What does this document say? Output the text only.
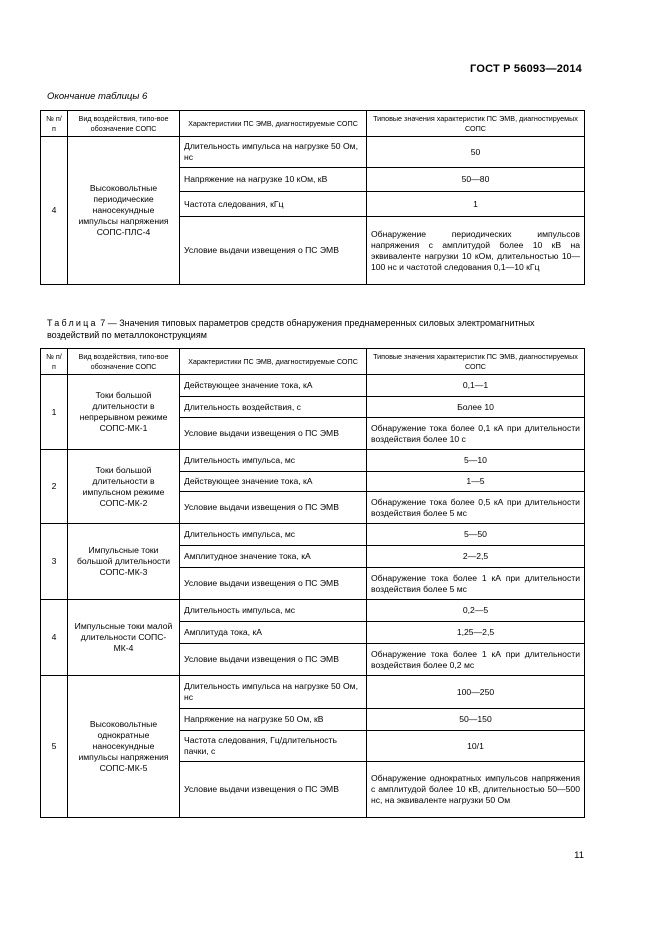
ГОСТ Р 56093—2014
Окончание таблицы 6
№ п/п	Вид воздействия, типо-вое обозначение СОПС	Характеристики ПС ЭМВ, диагностируемые СОПС	Типовые значения характеристик ПС ЭМВ, диагностируемых СОПС
4	Высоковольтные периодические наносекундные импульсы напряжения СОПС-ПЛС-4	Длительность импульса на нагрузке 50 Ом, нс	50
		Напряжение на нагрузке 10 кОм, кВ	50—80
		Частота следования, кГц	1
		Условие выдачи извещения о ПС ЭМВ	Обнаружение периодических импульсов напряжения с амплитудой более 10 кВ на эквиваленте нагрузки 10 кОм, длительностью 10—100 нс и частотой следования 0,1—10 кГц
Таблица 7 — Значения типовых параметров средств обнаружения преднамеренных силовых электромагнитных воздействий по металлоконструкциям
№ п/п	Вид воздействия, типо-вое обозначение СОПС	Характеристики ПС ЭМВ, диагностируемые СОПС	Типовые значения характеристик ПС ЭМВ, диагностируемых СОПС
1	Токи большой длительности в непрерывном режиме СОПС-МК-1	Действующее значение тока, кА	0,1—1
		Длительность воздействия, с	Более 10
		Условие выдачи извещения о ПС ЭМВ	Обнаружение тока более 0,1 кА при длительности воздействия более 10 с
2	Токи большой длительности в импульсном режиме СОПС-МК-2	Длительность импульса, мс	5—10
		Действующее значение тока, кА	1—5
		Условие выдачи извещения о ПС ЭМВ	Обнаружение тока более 0,5 кА при длительности воздействия более 5 мс
3	Импульсные токи большой длительности СОПС-МК-3	Длительность импульса, мс	5—50
		Амплитудное значение тока, кА	2—2,5
		Условие выдачи извещения о ПС ЭМВ	Обнаружение тока более 1 кА при длительности воздействия более 5 мс
4	Импульсные токи малой длительности СОПС-МК-4	Длительность импульса, мс	0,2—5
		Амплитуда тока, кА	1,25—2,5
		Условие выдачи извещения о ПС ЭМВ	Обнаружение тока более 1 кА при длительности воздействия более 0,2 мс
5	Высоковольтные однократные наносекундные импульсы напряжения СОПС-МК-5	Длительность импульса на нагрузке 50 Ом, нс	100—250
		Напряжение на нагрузке 50 Ом, кВ	50—150
		Частота следования, Гц/длительность пачки, с	10/1
		Условие выдачи извещения о ПС ЭМВ	Обнаружение однократных импульсов напряжения с амплитудой более 10 кВ, длительностью 50—500 нс, на эквиваленте нагрузки 50 Ом
11
